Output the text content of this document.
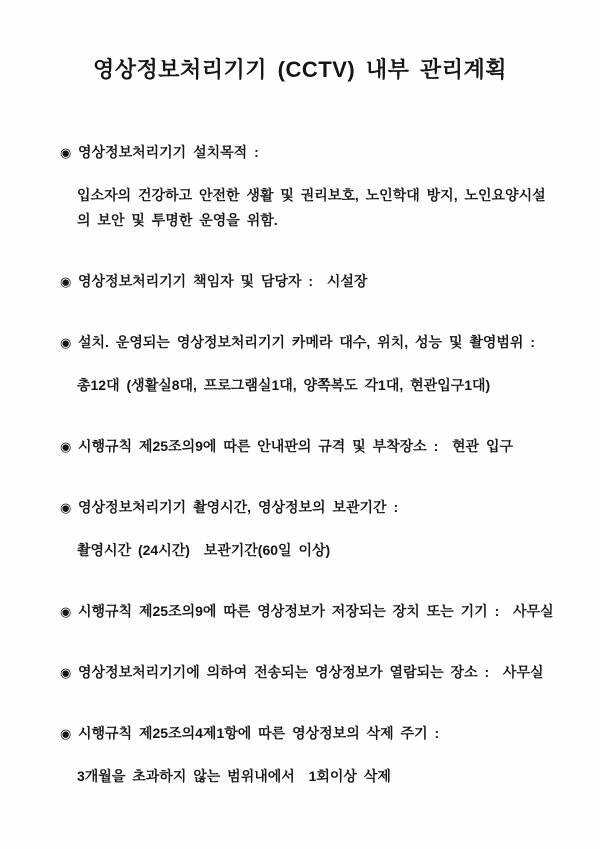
영상정보처리기기 (CCTV) 내부 관리계획
◉ 영상정보처리기기 설치목적 :
입소자의 건강하고 안전한 생활 및 권리보호, 노인학대 방지, 노인요양시설의 보안 및 투명한 운영을 위함.
◉ 영상정보처리기기 책임자 및 담당자 :  시설장
◉ 설치. 운영되는 영상정보처리기기 카메라 대수, 위치, 성능 및 촬영범위 :
총12대 (생활실8대, 프로그램실1대, 양쪽복도 각1대, 현관입구1대)
◉ 시행규칙 제25조의9에 따른 안내판의 규격 및 부착장소 :  현관 입구
◉ 영상정보처리기기 촬영시간, 영상정보의 보관기간 :
촬영시간 (24시간)  보관기간(60일 이상)
◉ 시행규칙 제25조의9에 따른 영상정보가 저장되는 장치 또는 기기 :  사무실
◉ 영상정보처리기기에 의하여 전송되는 영상정보가 열람되는 장소 :  사무실
◉ 시행규칙 제25조의4제1항에 따른 영상정보의 삭제 주기 :
3개월을 초과하지 않는 범위내에서  1회이상 삭제
